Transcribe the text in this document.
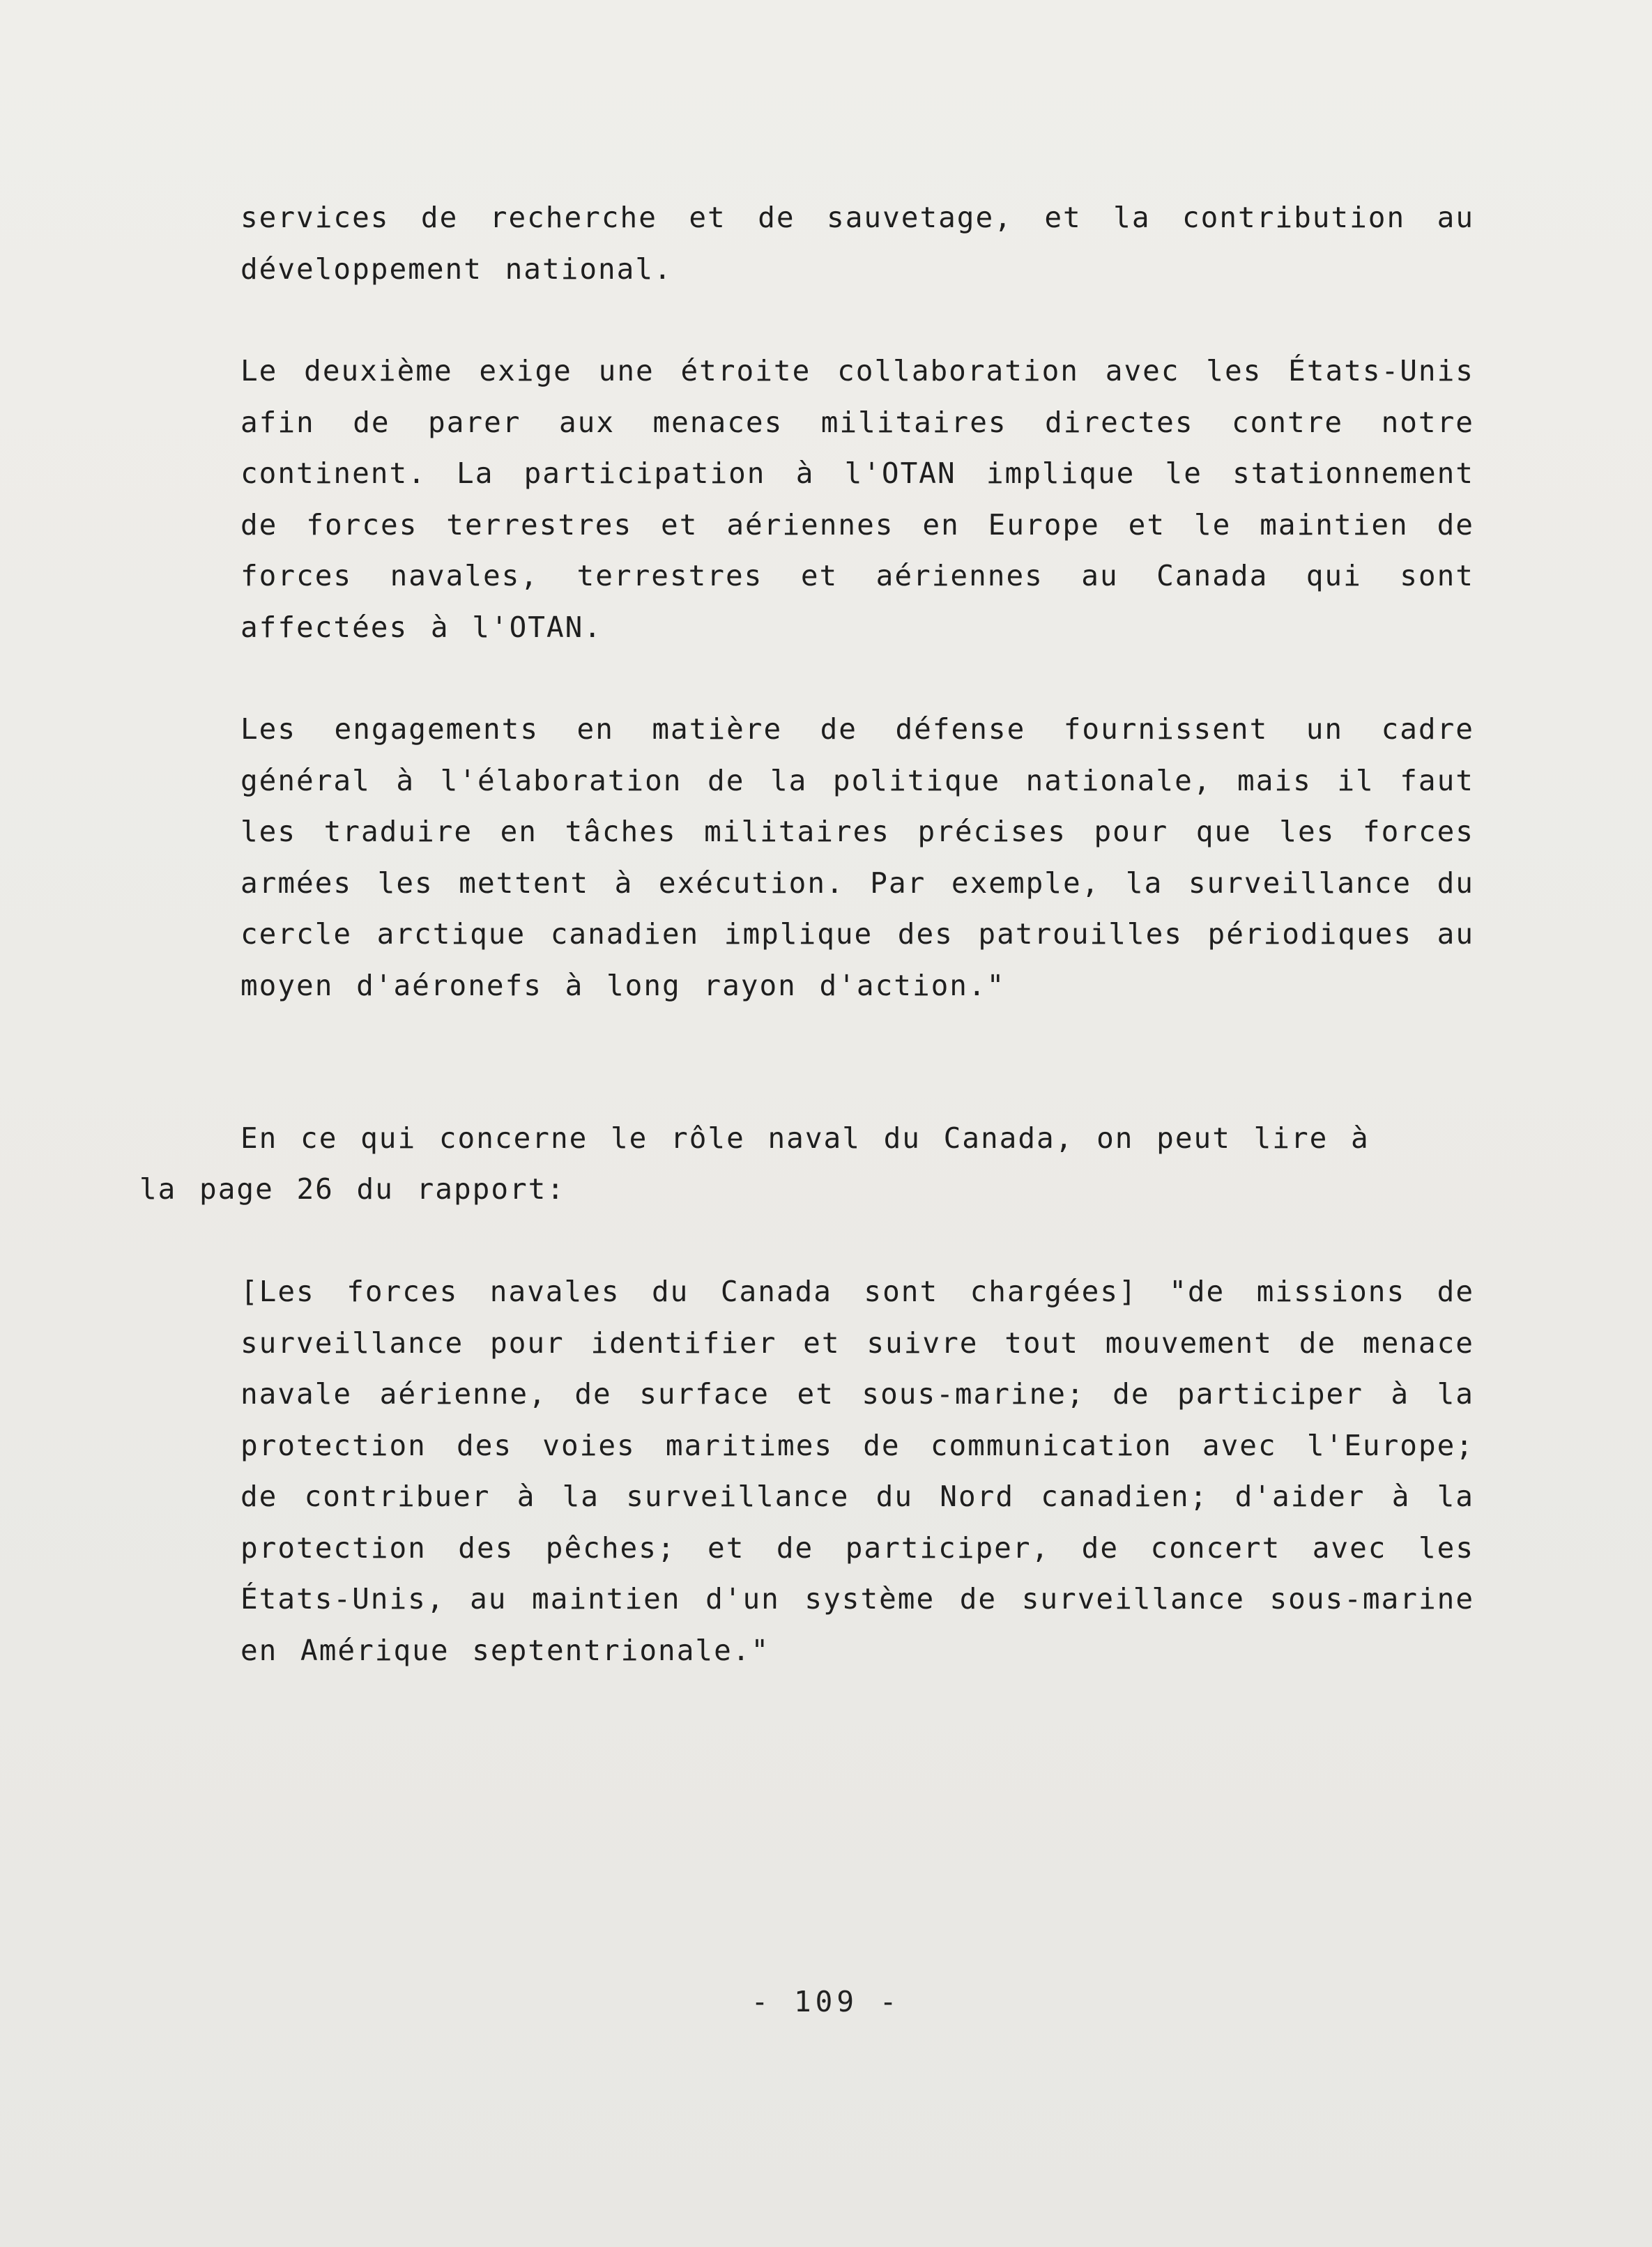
services de recherche et de sauvetage, et la contribution au développement national.

Le deuxième exige une étroite collaboration avec les États-Unis afin de parer aux menaces militaires directes contre notre continent. La participation à l'OTAN implique le stationnement de forces terrestres et aériennes en Europe et le maintien de forces navales, terrestres et aériennes au Canada qui sont affectées à l'OTAN.

Les engagements en matière de défense fournissent un cadre général à l'élaboration de la politique nationale, mais il faut les traduire en tâches militaires précises pour que les forces armées les mettent à exécution. Par exemple, la surveillance du cercle arctique canadien implique des patrouilles périodiques au moyen d'aéronefs à long rayon d'action."

En ce qui concerne le rôle naval du Canada, on peut lire à

la page 26 du rapport:

[Les forces navales du Canada sont chargées] "de missions de surveillance pour identifier et suivre tout mouvement de menace navale aérienne, de surface et sous-marine; de participer à la protection des voies maritimes de communication avec l'Europe; de contribuer à la surveillance du Nord canadien; d'aider à la protection des pêches; et de participer, de concert avec les États-Unis, au maintien d'un système de surveillance sous-marine en Amérique septentrionale."

- 109 -
